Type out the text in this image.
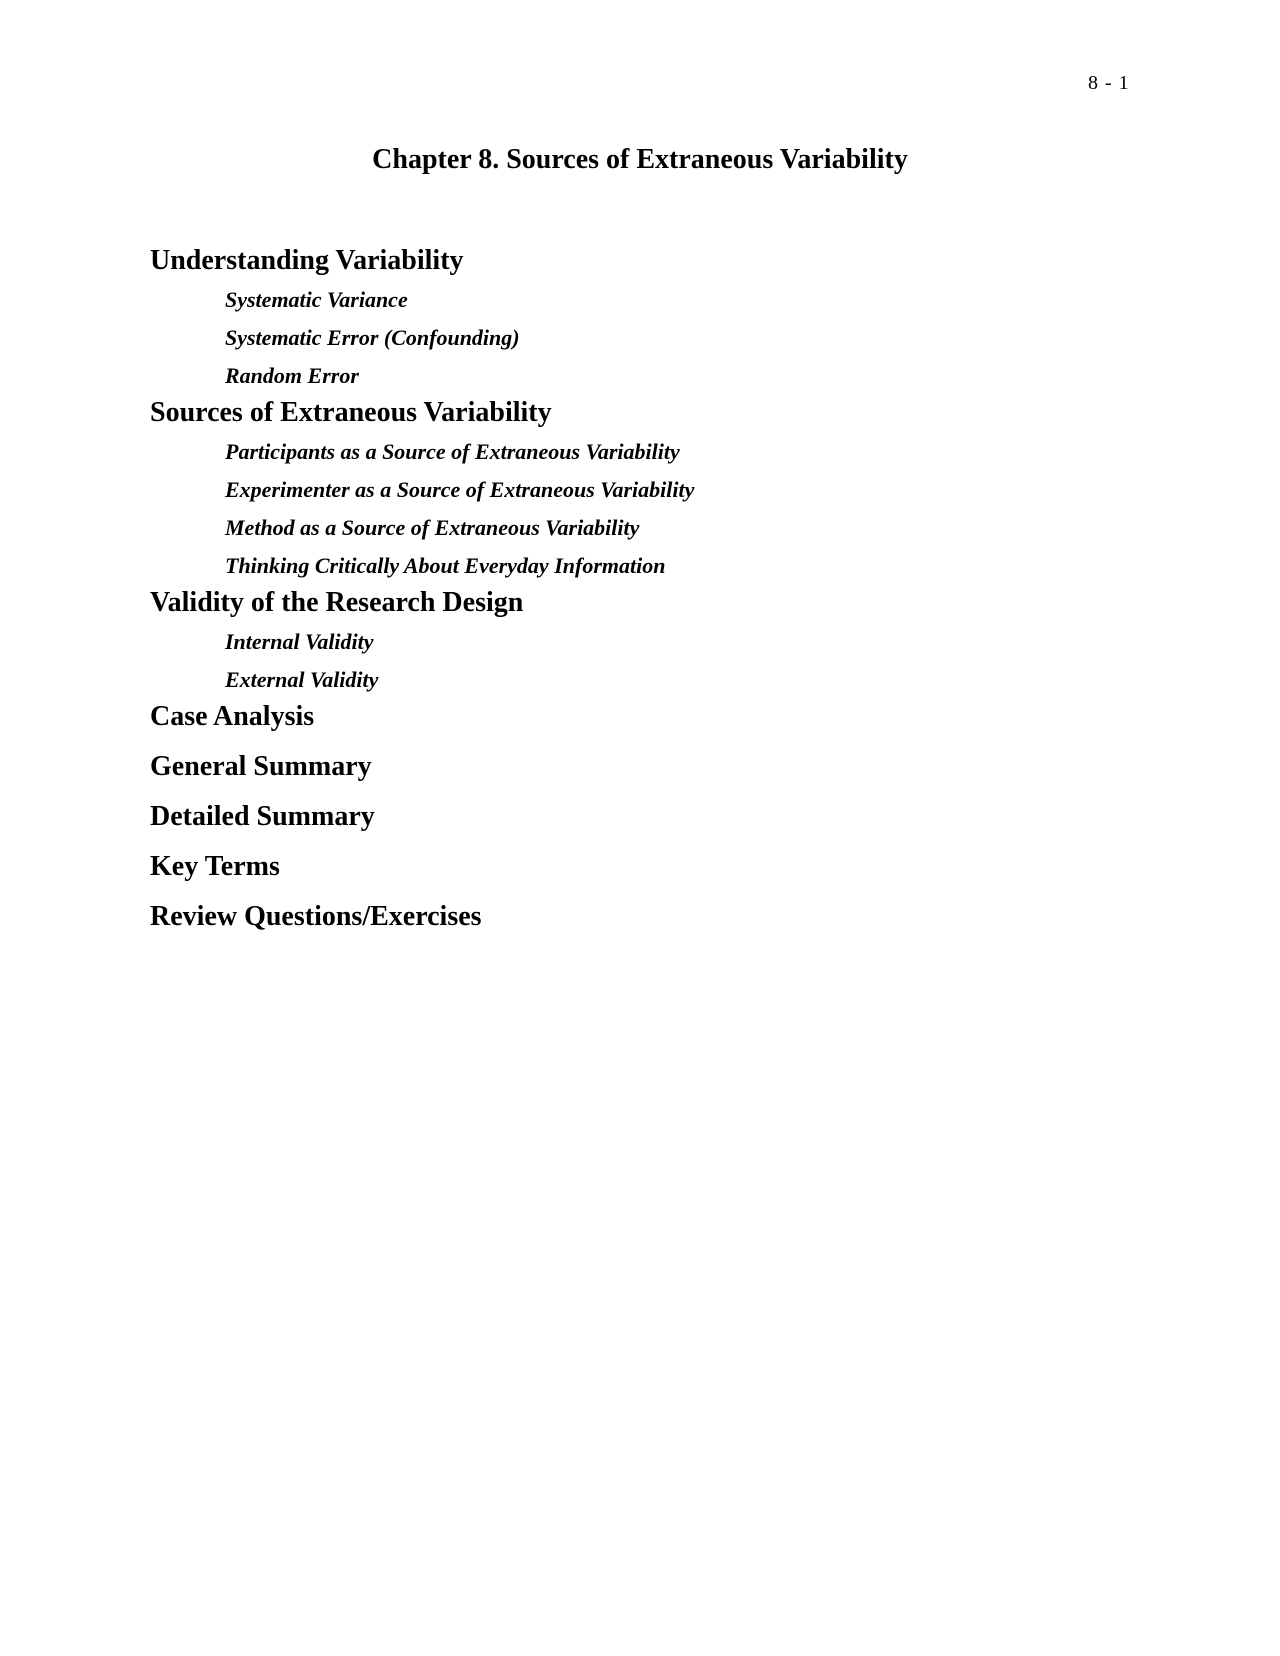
8 - 1
Chapter 8. Sources of Extraneous Variability
Understanding Variability
Systematic Variance
Systematic Error (Confounding)
Random Error
Sources of Extraneous Variability
Participants as a Source of Extraneous Variability
Experimenter as a Source of Extraneous Variability
Method as a Source of Extraneous Variability
Thinking Critically About Everyday Information
Validity of the Research Design
Internal Validity
External Validity
Case Analysis
General Summary
Detailed Summary
Key Terms
Review Questions/Exercises
